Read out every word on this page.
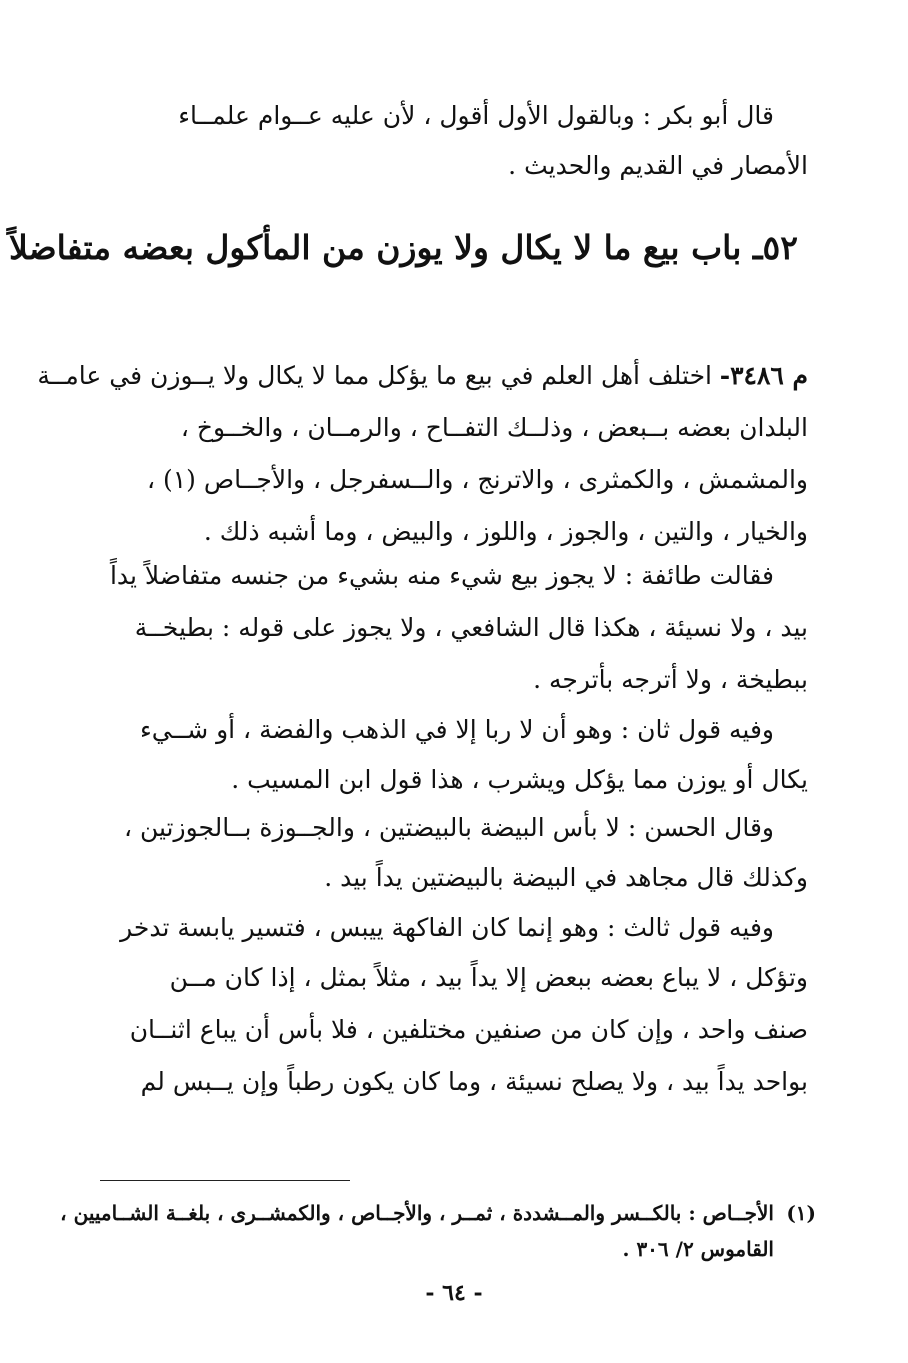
قال أبو بكر : وبالقول الأول أقول ، لأن عليه عــوام علمــاء
الأمصار في القديم والحديث .
٥٢ـ باب بيع ما لا يكال ولا يوزن من المأكول بعضه متفاضلاً
م ٣٤٨٦-
اختلف أهل العلم في بيع ما يؤكل مما لا يكال ولا يــوزن في عامــة
البلدان بعضه بــبعض ، وذلــك التفــاح ، والرمــان ، والخــوخ ،
والمشمش ، والكمثرى ، والاترنج ، والــسفرجل ، والأجــاص (١) ،
والخيار ، والتين ، والجوز ، واللوز ، والبيض ، وما أشبه ذلك .
فقالت طائفة : لا يجوز بيع شيء منه بشيء من جنسه متفاضلاً يداً
بيد ، ولا نسيئة ، هكذا قال الشافعي ، ولا يجوز على قوله : بطيخــة
ببطيخة ، ولا أترجه بأترجه .
وفيه قول ثان : وهو أن لا ربا إلا في الذهب والفضة ، أو شــيء
يكال أو يوزن مما يؤكل ويشرب ، هذا قول ابن المسيب .
وقال الحسن : لا بأس البيضة بالبيضتين ، والجــوزة بــالجوزتين ،
وكذلك قال مجاهد في البيضة بالبيضتين يداً بيد .
وفيه قول ثالث : وهو إنما كان الفاكهة ييبس ، فتسير يابسة تدخر
وتؤكل ، لا يباع بعضه ببعض إلا يداً بيد ، مثلاً بمثل ، إذا كان مــن
صنف واحد ، وإن كان من صنفين مختلفين ، فلا بأس أن يباع اثنــان
بواحد يداً بيد ، ولا يصلح نسيئة ، وما كان يكون رطباً وإن يــبس لم
(١)
الأجــاص : بالكــسر والمــشددة ، ثمــر ، والأجــاص ، والكمشــرى ، بلغــة الشــاميين ،
القاموس ٢/ ٣٠٦ .
- ٦٤ -
